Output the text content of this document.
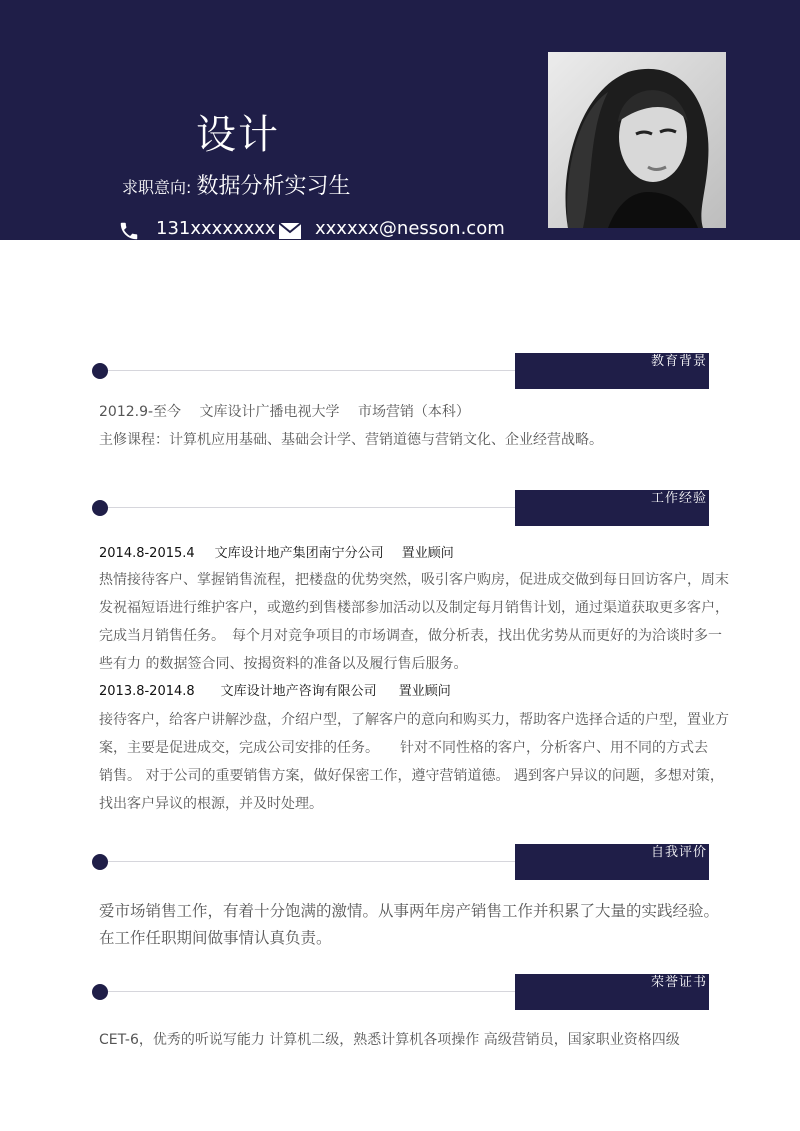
设计
求职意向: 数据分析实习生
131xxxxxxxx xxxxxx@nesson.com
教育背景
2012.9-至今　 文库设计广播电视大学　 市场营销（本科）
主修课程：计算机应用基础、基础会计学、营销道德与营销文化、企业经营战略。
工作经验
2014.8-2015.4 文库设计地产集团南宁分公司 置业顾问
热情接待客户、掌握销售流程，把楼盘的优势突然，吸引客户购房，促进成交做到每日回访客户，周末
发祝福短语进行维护客户，或邀约到售楼部参加活动以及制定每月销售计划，通过渠道获取更多客户，
完成当月销售任务。　每个月对竞争项目的市场调查，做分析表，找出优劣势从而更好的为洽谈时多一
些有力 的数据签合同、按揭资料的准备以及履行售后服务。
2013.8-2014.8 文库设计地产咨询有限公司 置业顾问
接待客户，给客户讲解沙盘，介绍户型，了解客户的意向和购买力，帮助客户选择合适的户型，置业方
案，主要是促进成交，完成公司安排的任务。　　针对不同性格的客户，分析客户、用不同的方式去
销售。 对于公司的重要销售方案，做好保密工作，遵守营销道德。 遇到客户异议的问题，多想对策，
找出客户异议的根源，并及时处理。
自我评价
爱市场销售工作，有着十分饱满的激情。从事两年房产销售工作并积累了大量的实践经验。
在工作任职期间做事情认真负责。
荣誉证书
CET-6，优秀的听说写能力 计算机二级，熟悉计算机各项操作 高级营销员，国家职业资格四级
